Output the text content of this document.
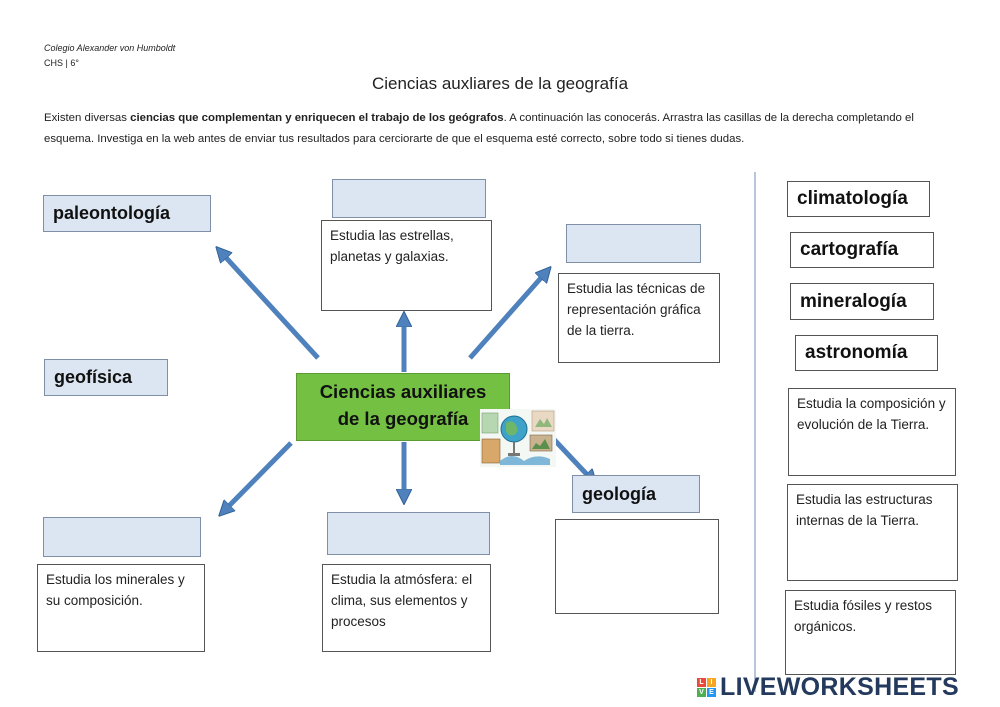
Colegio Alexander von Humboldt
CHS | 6°
Ciencias auxliares de la geografía
Existen diversas ciencias que complementan y enriquecen el trabajo de los geógrafos. A continuación las conocerás. Arrastra las casillas de la derecha completando el esquema. Investiga en la web antes de enviar tus resultados para cerciorarte de que el esquema esté correcto, sobre todo si tienes dudas.
Ciencias auxiliares
de la geografía
paleontología
geofísica
Estudia los minerales y su composición.
Estudia las estrellas, planetas y galaxias.
Estudia la atmósfera: el clima, sus elementos y procesos
Estudia las técnicas de representación gráfica de la tierra.
geología
climatología
cartografía
mineralogía
astronomía
Estudia la composición y evolución de la Tierra.
Estudia las estructuras internas de la Tierra.
Estudia fósiles y restos orgánicos.
L I
V E LIVEWORKSHEETS
